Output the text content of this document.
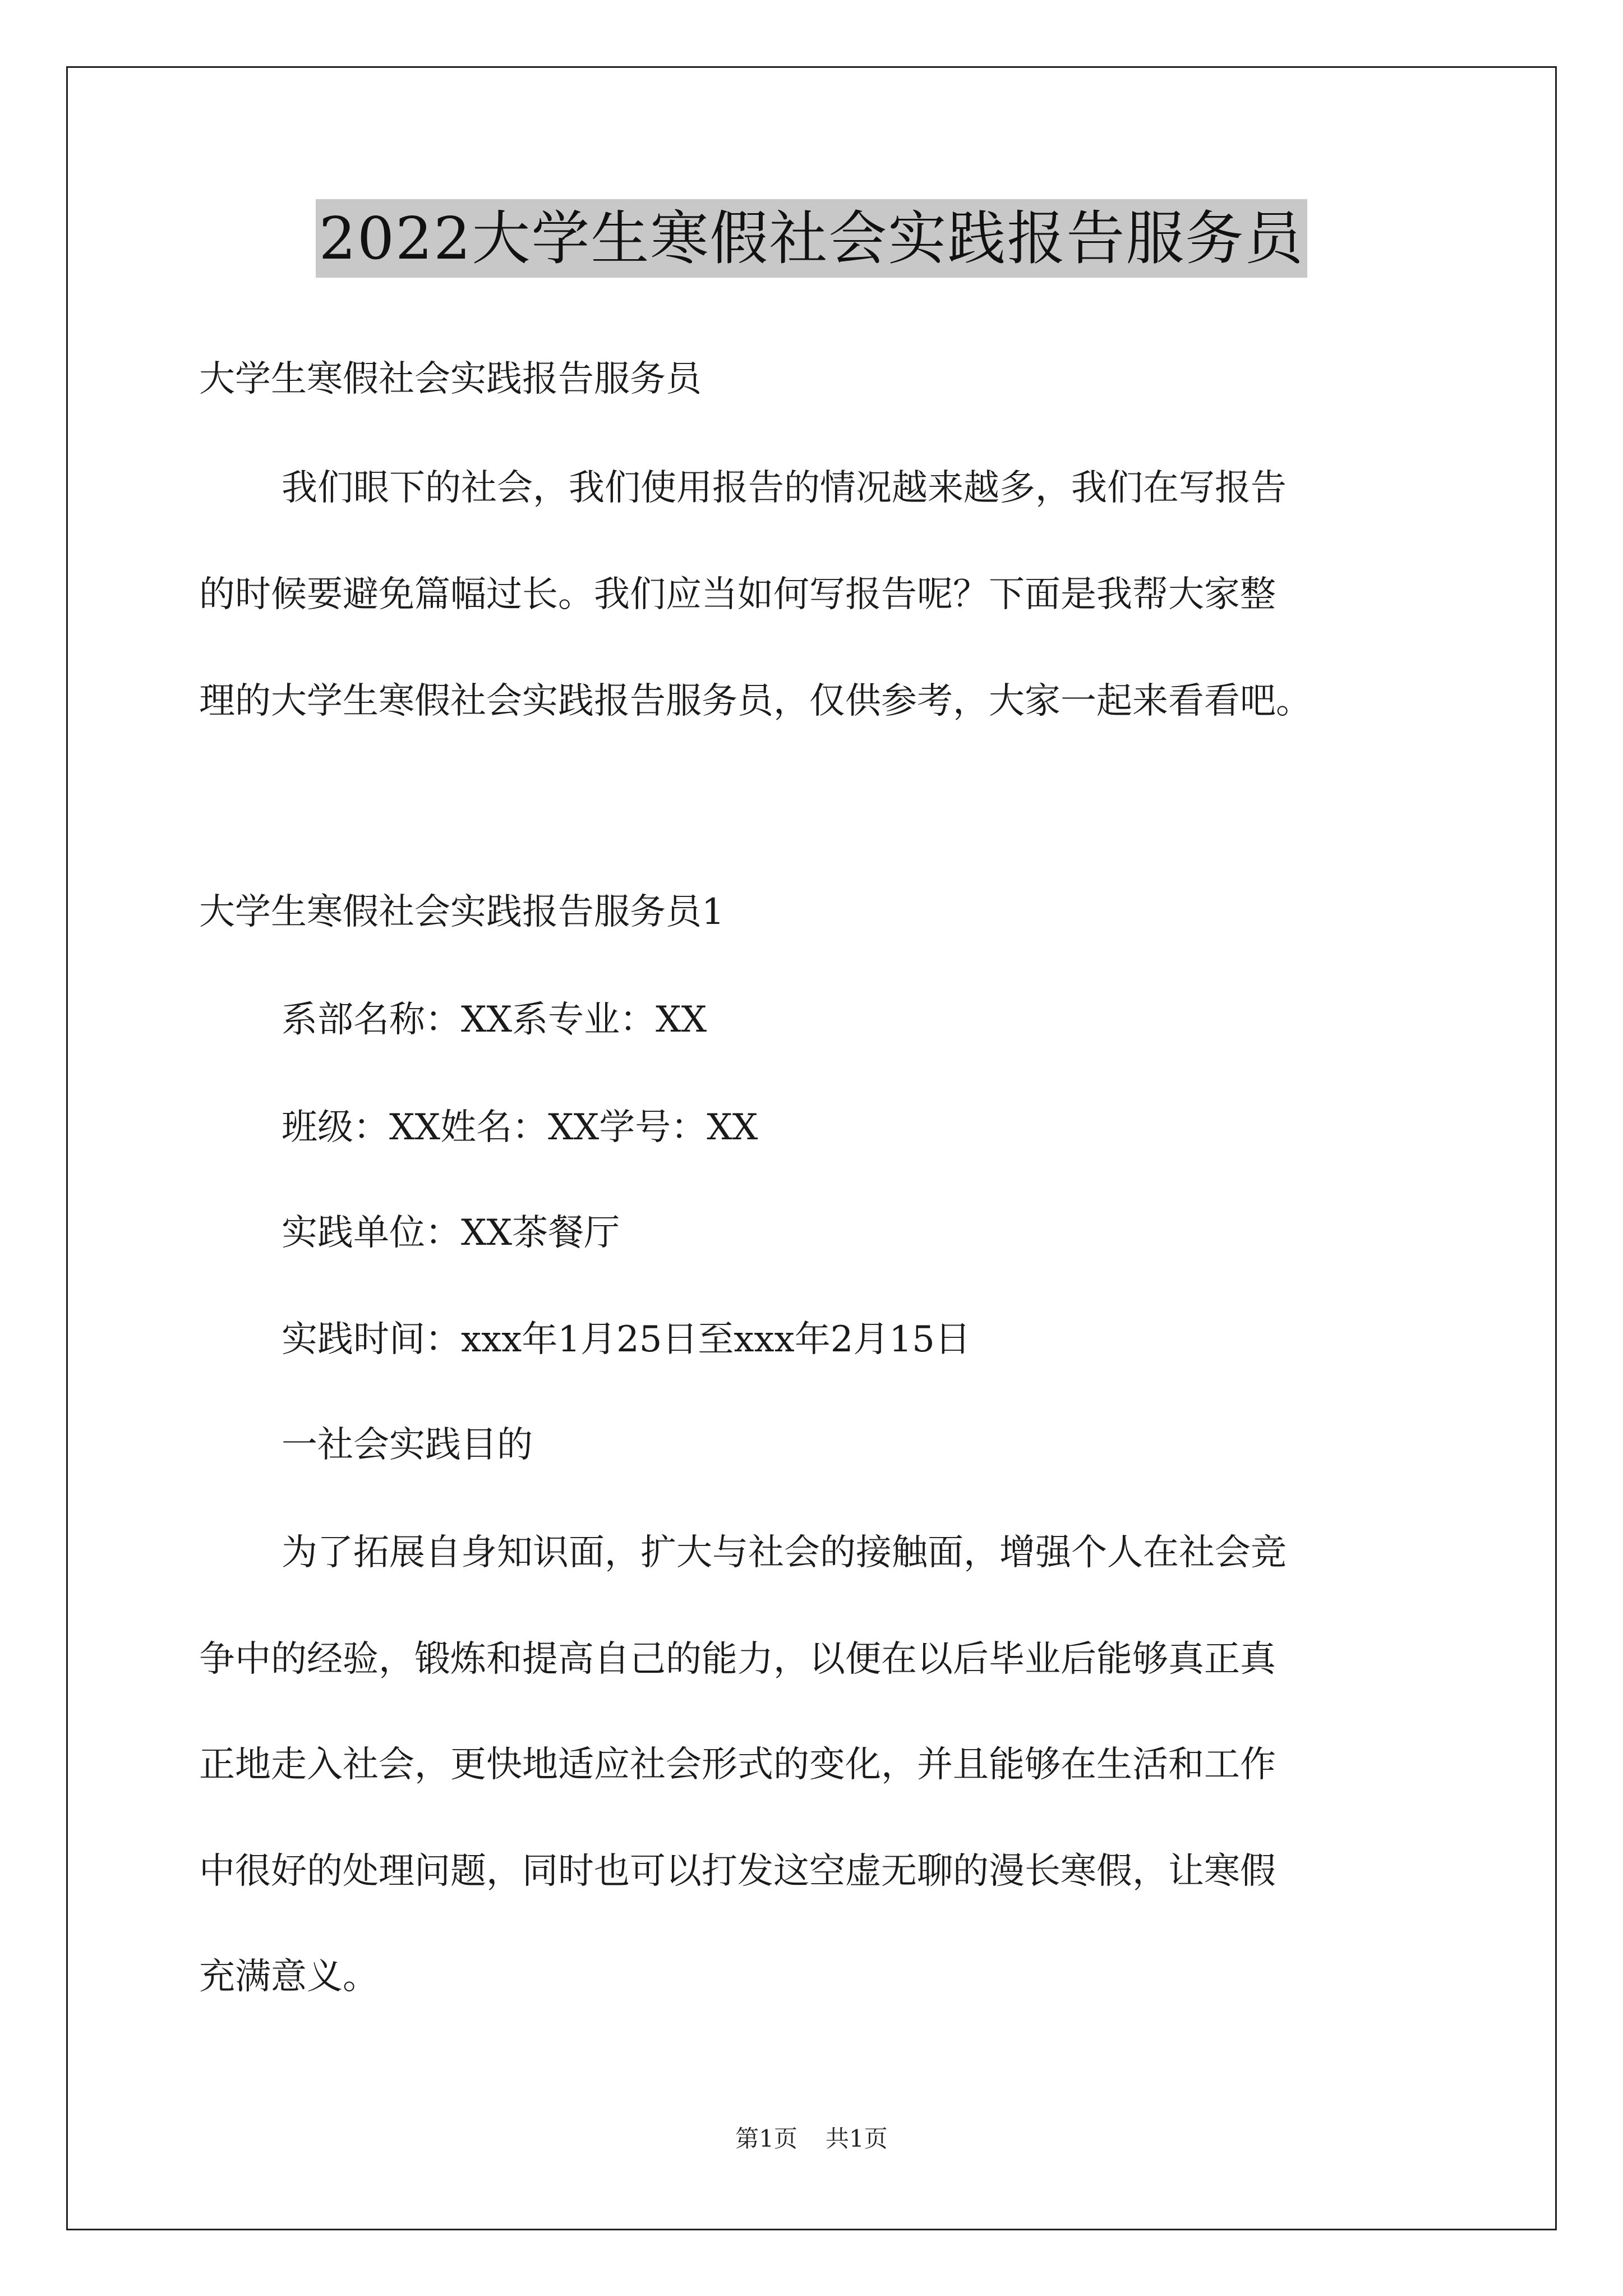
2022大学生寒假社会实践报告服务员
大学生寒假社会实践报告服务员
我们眼下的社会，我们使用报告的情况越来越多，我们在写报告
的时候要避免篇幅过长。我们应当如何写报告呢？下面是我帮大家整
理的大学生寒假社会实践报告服务员，仅供参考，大家一起来看看吧。
大学生寒假社会实践报告服务员1
系部名称：XX系专业：XX
班级：XX姓名：XX学号：XX
实践单位：XX茶餐厅
实践时间：xxx年1月25日至xxx年2月15日
一社会实践目的
为了拓展自身知识面，扩大与社会的接触面，增强个人在社会竞
争中的经验，锻炼和提高自己的能力，以便在以后毕业后能够真正真
正地走入社会，更快地适应社会形式的变化，并且能够在生活和工作
中很好的处理问题，同时也可以打发这空虚无聊的漫长寒假，让寒假
充满意义。
第1页 共1页
